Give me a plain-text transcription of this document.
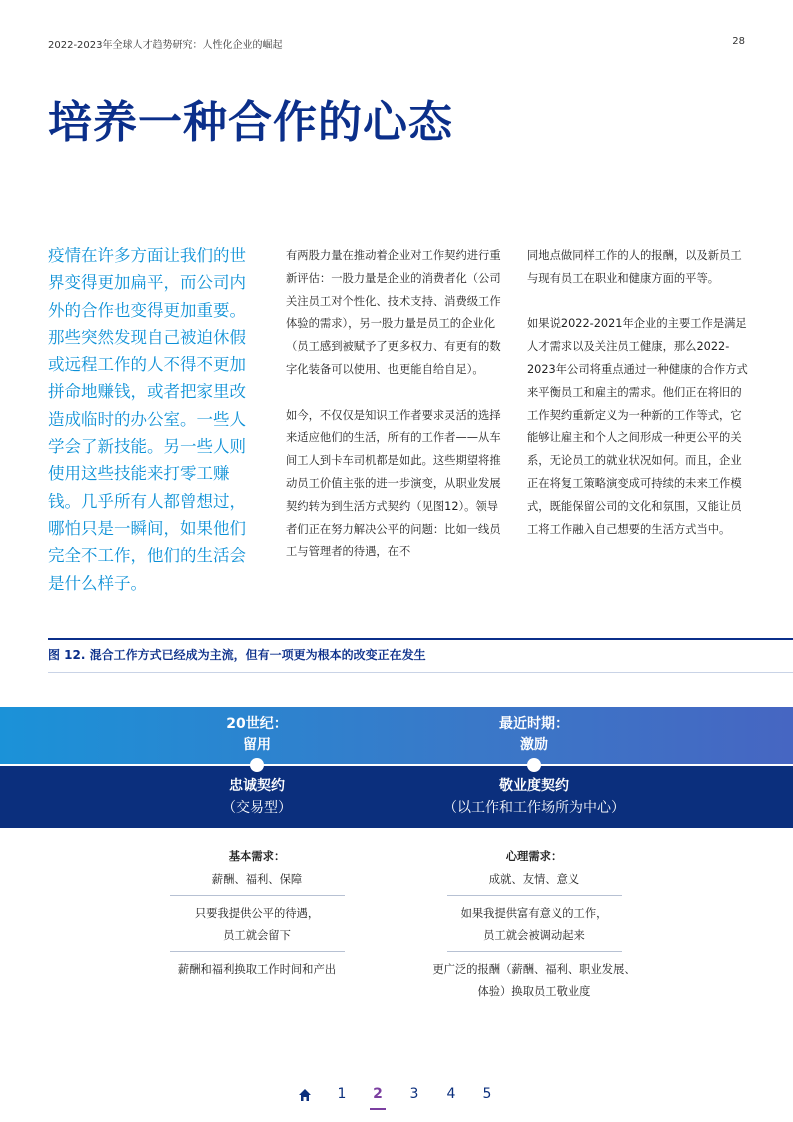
2022-2023年全球人才趋势研究：人性化企业的崛起	28
培养一种合作的心态
疫情在许多方面让我们的世界变得更加扁平，而公司内外的合作也变得更加重要。那些突然发现自己被迫休假或远程工作的人不得不更加拼命地赚钱，或者把家里改造成临时的办公室。一些人学会了新技能。另一些人则使用这些技能来打零工赚钱。几乎所有人都曾想过，哪怕只是一瞬间，如果他们完全不工作，他们的生活会是什么样子。

有两股力量在推动着企业对工作契约进行重新评估：一股力量是企业的消费者化（公司关注员工对个性化、技术支持、消费级工作体验的需求），另一股力量是员工的企业化（员工感到被赋予了更多权力、有更有的数字化装备可以使用、也更能自给自足）。

如今，不仅仅是知识工作者要求灵活的选择来适应他们的生活，所有的工作者——从车间工人到卡车司机都是如此。这些期望将推动员工价值主张的进一步演变，从职业发展契约转为到生活方式契约（见图12）。领导者们正在努力解决公平的问题：比如一线员工与管理者的待遇，在不

同地点做同样工作的人的报酬，以及新员工与现有员工在职业和健康方面的平等。

如果说2022-2021年企业的主要工作是满足人才需求以及关注员工健康，那么2022-2023年公司将重点通过一种健康的合作方式来平衡员工和雇主的需求。他们正在将旧的工作契约重新定义为一种新的工作等式，它能够让雇主和个人之间形成一种更公平的关系，无论员工的就业状况如何。而且，企业正在将复工策略演变成可持续的未来工作模式，既能保留公司的文化和氛围，又能让员工将工作融入自己想要的生活方式当中。

图 12. 混合工作方式已经成为主流，但有一项更为根本的改变正在发生
20世纪：
留用
最近时期：
激励
忠诚契约
（交易型）
敬业度契约
（以工作和工作场所为中心）
基本需求：
薪酬、福利、保障
只要我提供公平的待遇，
员工就会留下
薪酬和福利换取工作时间和产出
心理需求：
成就、友情、意义
如果我提供富有意义的工作，
员工就会被调动起来
更广泛的报酬（薪酬、福利、职业发展、
体验）换取员工敬业度
1	2	3	4	5
